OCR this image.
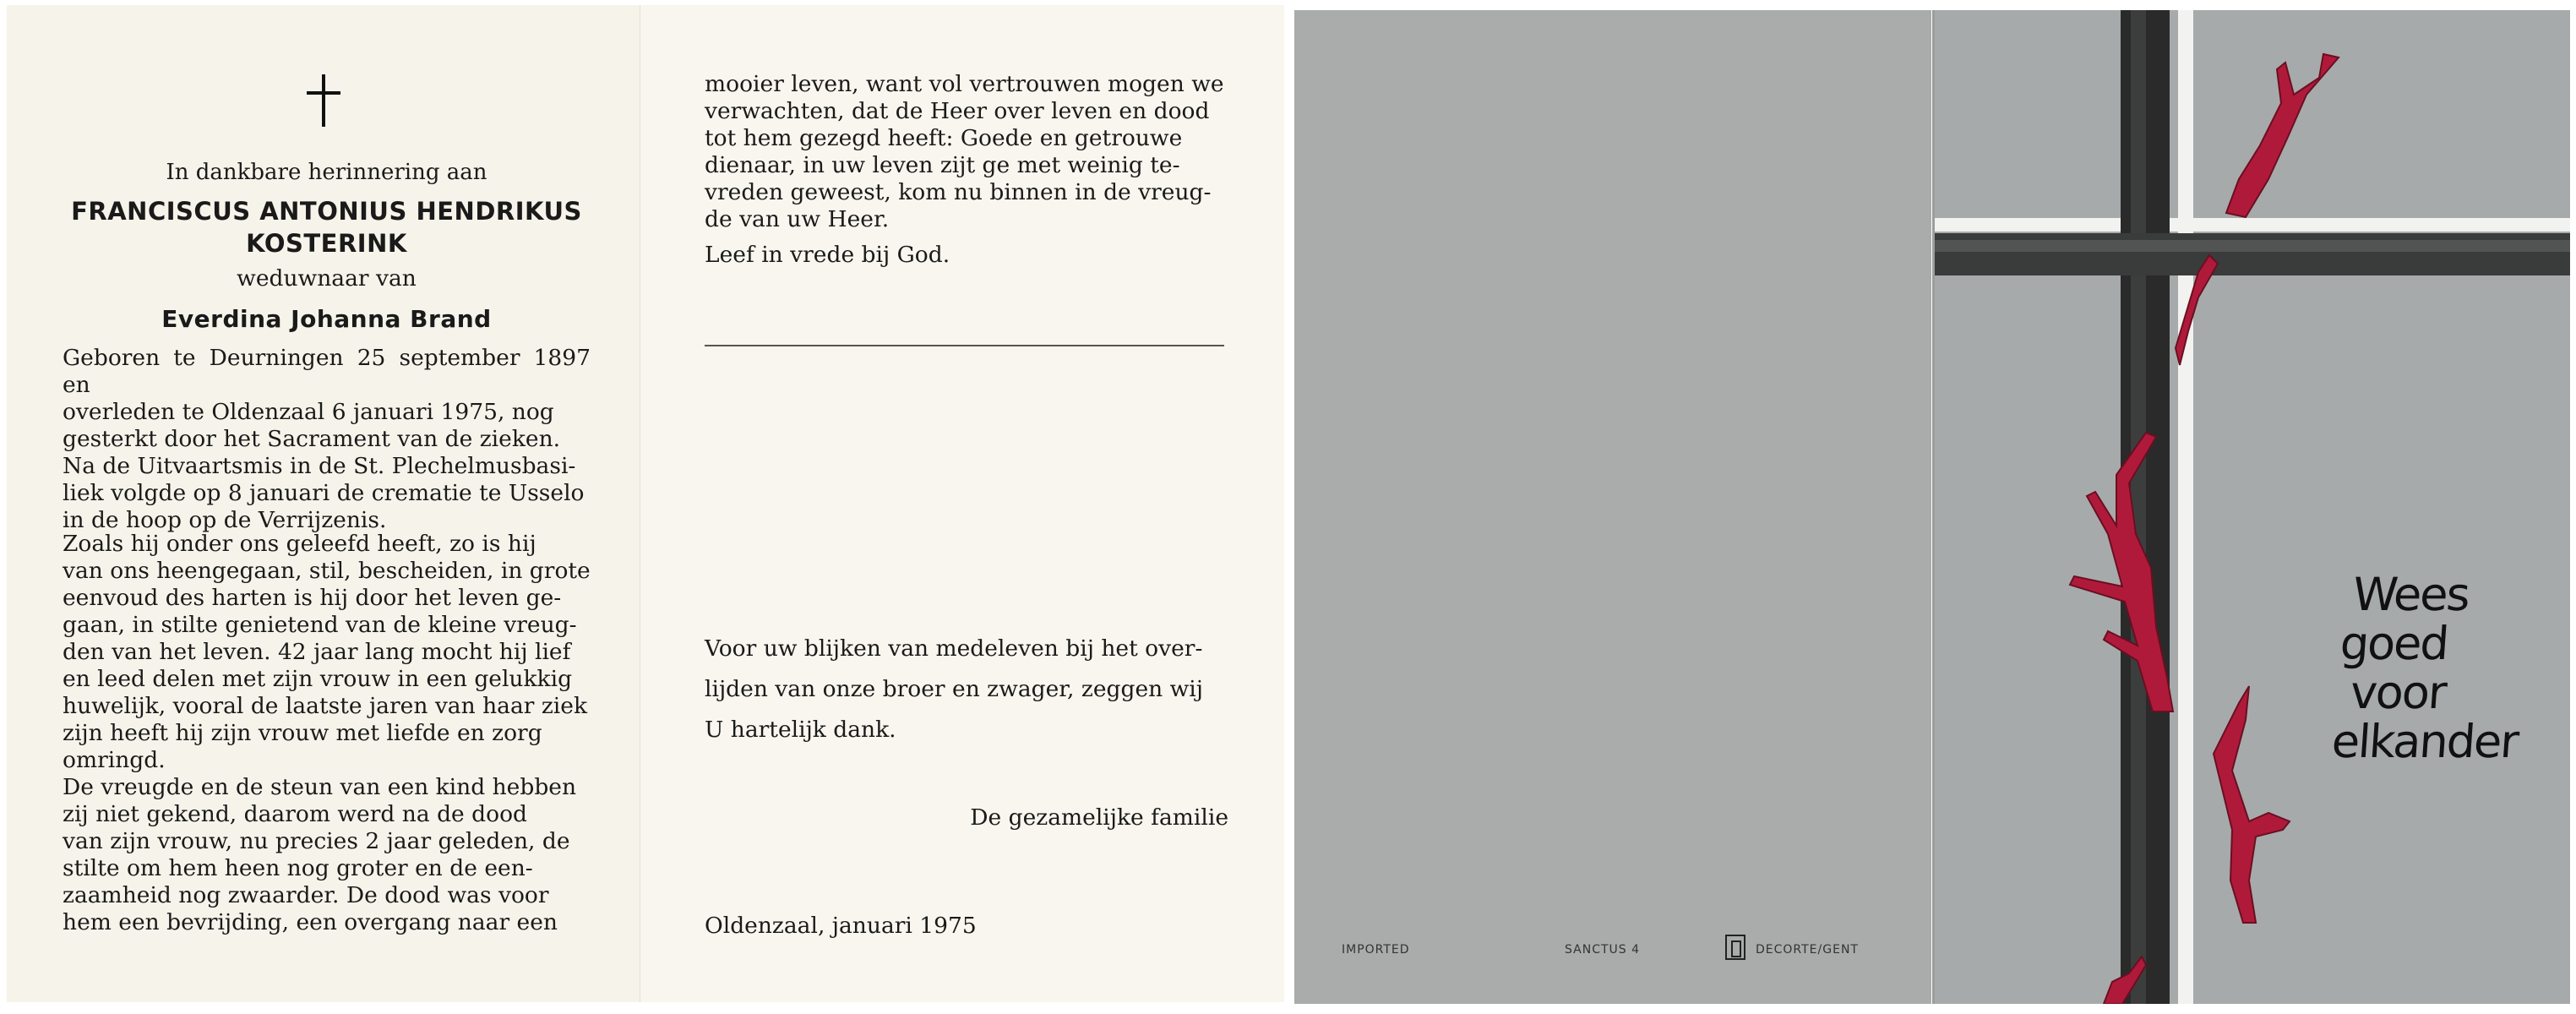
In dankbare herinnering aan
FRANCISCUS ANTONIUS HENDRIKUS
KOSTERINK
weduwnaar van
Everdina Johanna Brand
Geboren te Deurningen 25 september 1897 en
overleden te Oldenzaal 6 januari 1975, nog
gesterkt door het Sacrament van de zieken.
Na de Uitvaartsmis in de St. Plechelmusbasi-
liek volgde op 8 januari de crematie te Usselo
in de hoop op de Verrijzenis.
Zoals hij onder ons geleefd heeft, zo is hij
van ons heengegaan, stil, bescheiden, in grote
eenvoud des harten is hij door het leven ge-
gaan, in stilte genietend van de kleine vreug-
den van het leven. 42 jaar lang mocht hij lief
en leed delen met zijn vrouw in een gelukkig
huwelijk, vooral de laatste jaren van haar ziek
zijn heeft hij zijn vrouw met liefde en zorg
omringd.
De vreugde en de steun van een kind hebben
zij niet gekend, daarom werd na de dood
van zijn vrouw, nu precies 2 jaar geleden, de
stilte om hem heen nog groter en de een-
zaamheid nog zwaarder. De dood was voor
hem een bevrijding, een overgang naar een
mooier leven, want vol vertrouwen mogen we
verwachten, dat de Heer over leven en dood
tot hem gezegd heeft: Goede en getrouwe
dienaar, in uw leven zijt ge met weinig te-
vreden geweest, kom nu binnen in de vreug-
de van uw Heer.
Leef in vrede bij God.
Voor uw blijken van medeleven bij het over-
lijden van onze broer en zwager, zeggen wij
U hartelijk dank.
De gezamelijke familie
Oldenzaal, januari 1975
IMPORTED	SANCTUS 4	DECORTE/GENT
Wees
goed
voor
elkander
